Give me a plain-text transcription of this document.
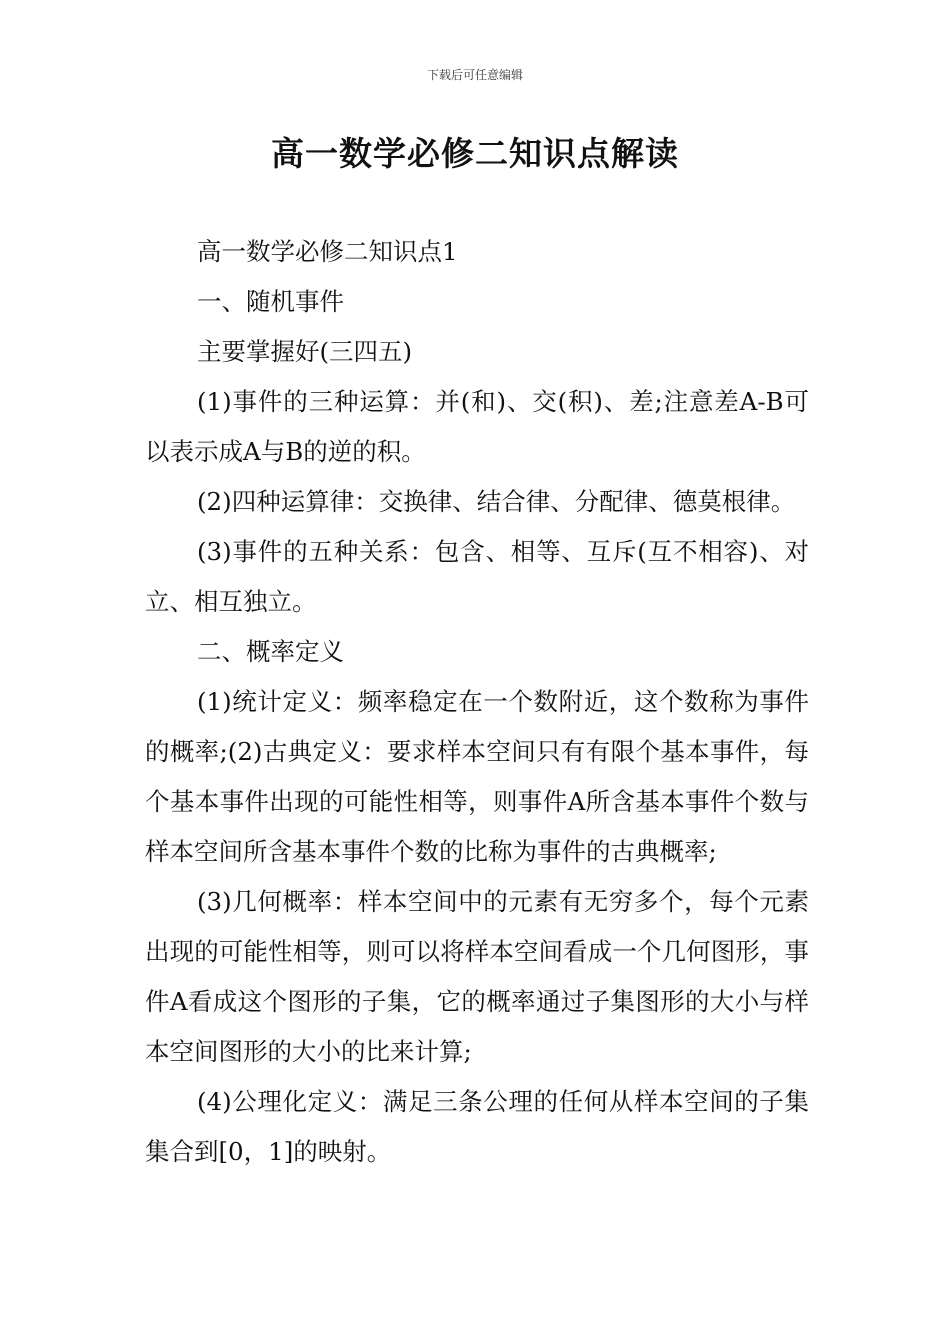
下载后可任意编辑
高一数学必修二知识点解读

高一数学必修二知识点1

一、随机事件

主要掌握好(三四五)

(1)事件的三种运算：并(和)、交(积)、差;注意差A-B可以表示成A与B的逆的积。

(2)四种运算律：交换律、结合律、分配律、德莫根律。

(3)事件的五种关系：包含、相等、互斥(互不相容)、对立、相互独立。

二、概率定义

(1)统计定义：频率稳定在一个数附近，这个数称为事件的概率;(2)古典定义：要求样本空间只有有限个基本事件，每个基本事件出现的可能性相等，则事件A所含基本事件个数与样本空间所含基本事件个数的比称为事件的古典概率;

(3)几何概率：样本空间中的元素有无穷多个，每个元素出现的可能性相等，则可以将样本空间看成一个几何图形，事件A看成这个图形的子集，它的概率通过子集图形的大小与样本空间图形的大小的比来计算;

(4)公理化定义：满足三条公理的任何从样本空间的子集集合到[0，1]的映射。
